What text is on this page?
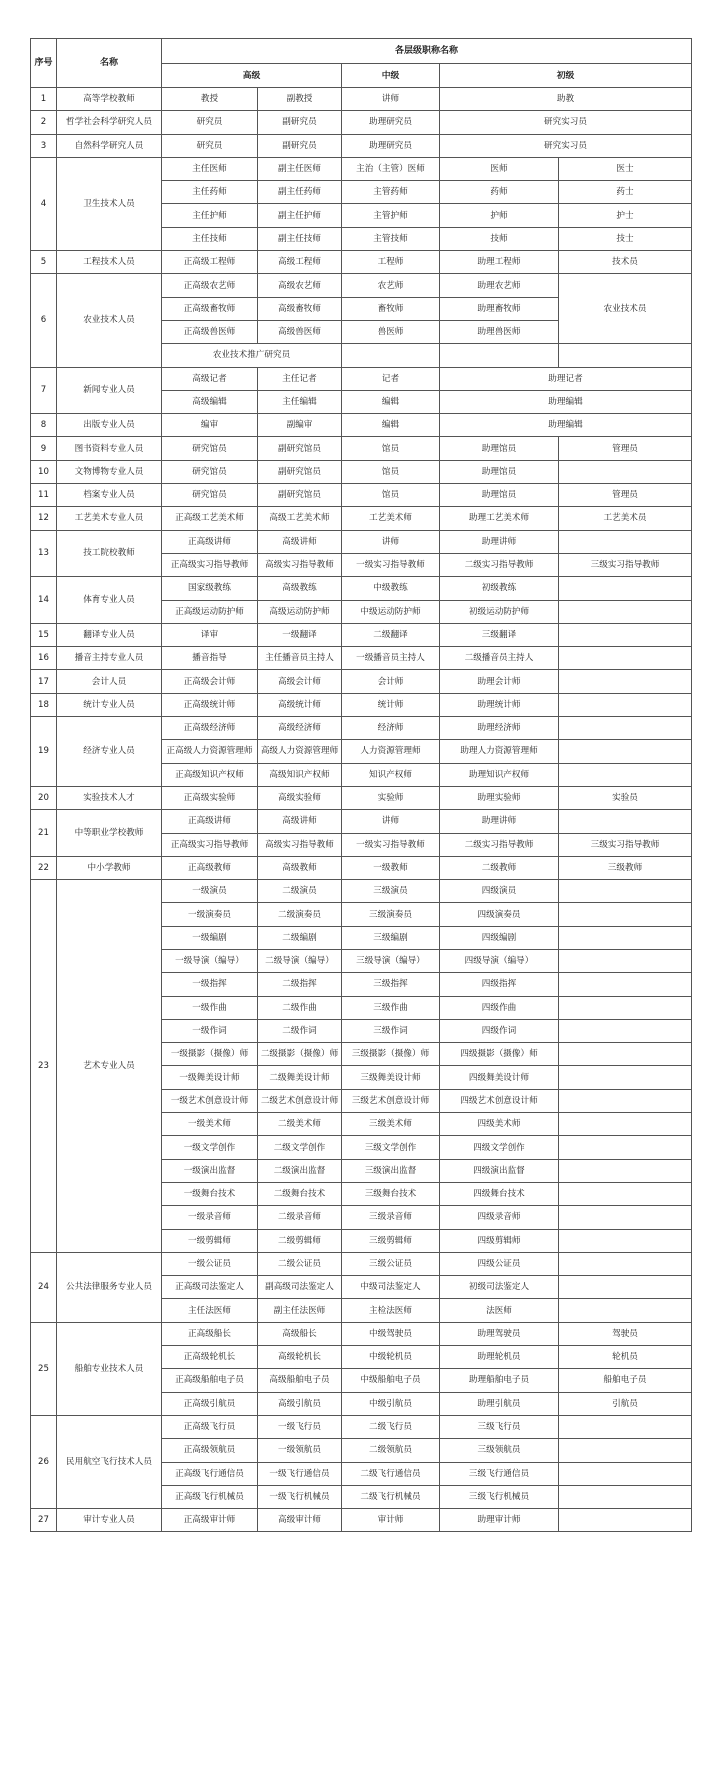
序号	名称	各层级职称名称				
		高级		中级	初级	
1	高等学校教师	教授	副教授	讲师	助教	
2	哲学社会科学研究人员	研究员	副研究员	助理研究员	研究实习员	
3	自然科学研究人员	研究员	副研究员	助理研究员	研究实习员	
4	卫生技术人员	主任医师	副主任医师	主治（主管）医师	医师	医士
		主任药师	副主任药师	主管药师	药师	药士
		主任护师	副主任护师	主管护师	护师	护士
		主任技师	副主任技师	主管技师	技师	技士
5	工程技术人员	正高级工程师	高级工程师	工程师	助理工程师	技术员
6	农业技术人员	正高级农艺师	高级农艺师	农艺师	助理农艺师	农业技术员
		正高级畜牧师	高级畜牧师	畜牧师	助理畜牧师	
		正高级兽医师	高级兽医师	兽医师	助理兽医师	
		农业技术推广研究员				
7	新闻专业人员	高级记者	主任记者	记者	助理记者	
		高级编辑	主任编辑	编辑	助理编辑	
8	出版专业人员	编审	副编审	编辑	助理编辑	
9	图书资料专业人员	研究馆员	副研究馆员	馆员	助理馆员	管理员
10	文物博物专业人员	研究馆员	副研究馆员	馆员	助理馆员	
11	档案专业人员	研究馆员	副研究馆员	馆员	助理馆员	管理员
12	工艺美术专业人员	正高级工艺美术师	高级工艺美术师	工艺美术师	助理工艺美术师	工艺美术员
13	技工院校教师	正高级讲师	高级讲师	讲师	助理讲师	
		正高级实习指导教师	高级实习指导教师	一级实习指导教师	二级实习指导教师	三级实习指导教师
14	体育专业人员	国家级教练	高级教练	中级教练	初级教练	
		正高级运动防护师	高级运动防护师	中级运动防护师	初级运动防护师	
15	翻译专业人员	译审	一级翻译	二级翻译	三级翻译	
16	播音主持专业人员	播音指导	主任播音员主持人	一级播音员主持人	二级播音员主持人	
17	会计人员	正高级会计师	高级会计师	会计师	助理会计师	
18	统计专业人员	正高级统计师	高级统计师	统计师	助理统计师	
19	经济专业人员	正高级经济师	高级经济师	经济师	助理经济师	
		正高级人力资源管理师	高级人力资源管理师	人力资源管理师	助理人力资源管理师	
		正高级知识产权师	高级知识产权师	知识产权师	助理知识产权师	
20	实验技术人才	正高级实验师	高级实验师	实验师	助理实验师	实验员
21	中等职业学校教师	正高级讲师	高级讲师	讲师	助理讲师	
		正高级实习指导教师	高级实习指导教师	一级实习指导教师	二级实习指导教师	三级实习指导教师
22	中小学教师	正高级教师	高级教师	一级教师	二级教师	三级教师
23	艺术专业人员	一级演员	二级演员	三级演员	四级演员	
		一级演奏员	二级演奏员	三级演奏员	四级演奏员	
		一级编剧	二级编剧	三级编剧	四级编剧	
		一级导演（编导）	二级导演（编导）	三级导演（编导）	四级导演（编导）	
		一级指挥	二级指挥	三级指挥	四级指挥	
		一级作曲	二级作曲	三级作曲	四级作曲	
		一级作词	二级作词	三级作词	四级作词	
		一级摄影（摄像）师	二级摄影（摄像）师	三级摄影（摄像）师	四级摄影（摄像）师	
		一级舞美设计师	二级舞美设计师	三级舞美设计师	四级舞美设计师	
		一级艺术创意设计师	二级艺术创意设计师	三级艺术创意设计师	四级艺术创意设计师	
		一级美术师	二级美术师	三级美术师	四级美术师	
		一级文学创作	二级文学创作	三级文学创作	四级文学创作	
		一级演出监督	二级演出监督	三级演出监督	四级演出监督	
		一级舞台技术	二级舞台技术	三级舞台技术	四级舞台技术	
		一级录音师	二级录音师	三级录音师	四级录音师	
		一级剪辑师	二级剪辑师	三级剪辑师	四级剪辑师	
24	公共法律服务专业人员	一级公证员	二级公证员	三级公证员	四级公证员	
		正高级司法鉴定人	副高级司法鉴定人	中级司法鉴定人	初级司法鉴定人	
		主任法医师	副主任法医师	主检法医师	法医师	
25	船舶专业技术人员	正高级船长	高级船长	中级驾驶员	助理驾驶员	驾驶员
		正高级轮机长	高级轮机长	中级轮机员	助理轮机员	轮机员
		正高级船舶电子员	高级船舶电子员	中级船舶电子员	助理船舶电子员	船舶电子员
		正高级引航员	高级引航员	中级引航员	助理引航员	引航员
26	民用航空飞行技术人员	正高级飞行员	一级飞行员	二级飞行员	三级飞行员	
		正高级领航员	一级领航员	二级领航员	三级领航员	
		正高级飞行通信员	一级飞行通信员	二级飞行通信员	三级飞行通信员	
		正高级飞行机械员	一级飞行机械员	二级飞行机械员	三级飞行机械员	
27	审计专业人员	正高级审计师	高级审计师	审计师	助理审计师	
